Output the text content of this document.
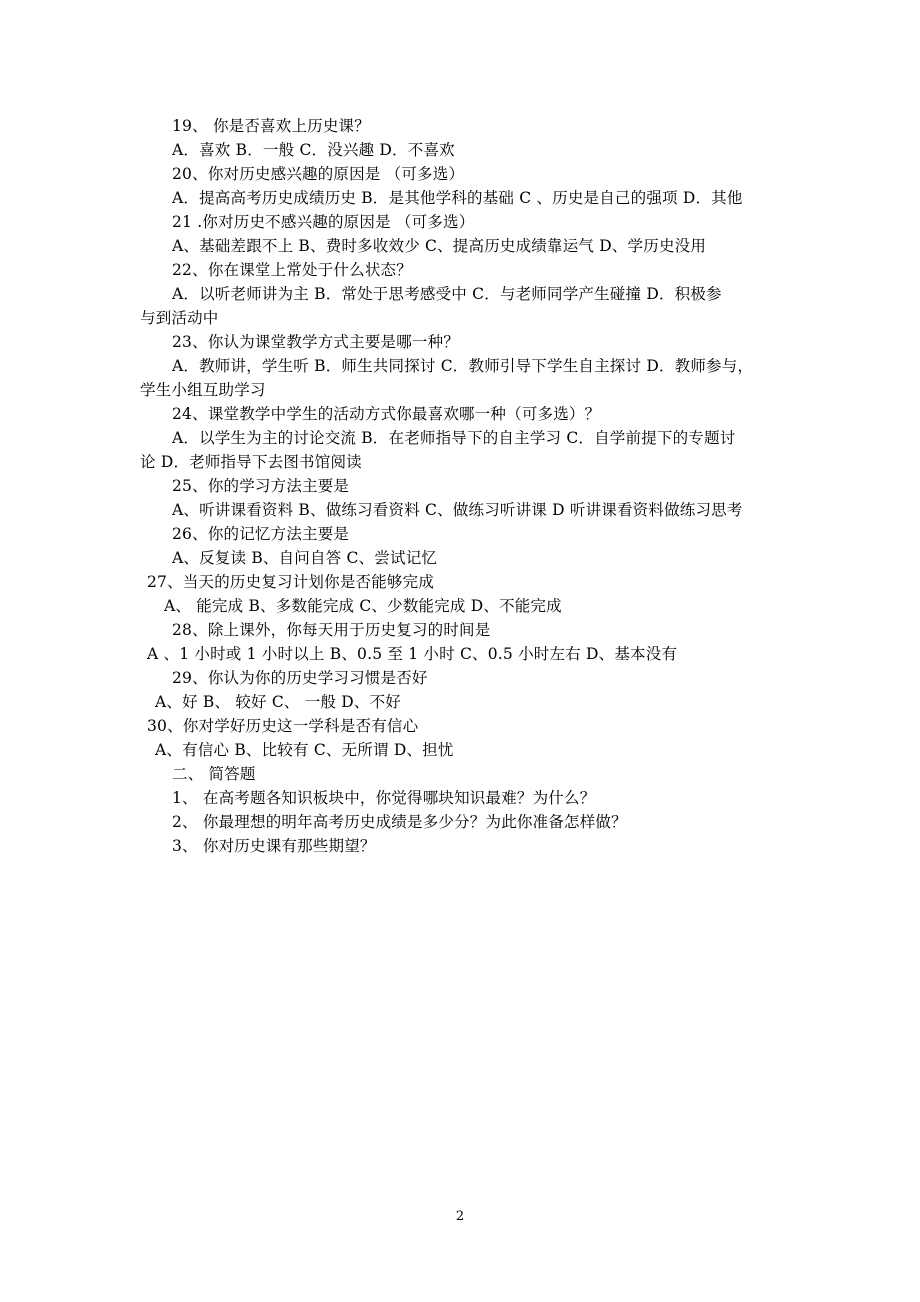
19、 你是否喜欢上历史课？
A．喜欢 B．一般 C．没兴趣 D．不喜欢
20、你对历史感兴趣的原因是 （可多选）
A．提高高考历史成绩历史 B．是其他学科的基础 C 、历史是自己的强项 D．其他
21 .你对历史不感兴趣的原因是 （可多选）
A、基础差跟不上 B、费时多收效少 C、提高历史成绩靠运气 D、学历史没用
22、你在课堂上常处于什么状态？
A．以听老师讲为主 B．常处于思考感受中 C．与老师同学产生碰撞 D．积极参
与到活动中
23、你认为课堂教学方式主要是哪一种？
A．教师讲，学生听 B．师生共同探讨 C．教师引导下学生自主探讨 D．教师参与，
学生小组互助学习
24、课堂教学中学生的活动方式你最喜欢哪一种（可多选）？
A．以学生为主的讨论交流 B．在老师指导下的自主学习 C．自学前提下的专题讨
论 D．老师指导下去图书馆阅读
25、你的学习方法主要是
A、听讲课看资料 B、做练习看资料 C、做练习听讲课 D 听讲课看资料做练习思考
26、你的记忆方法主要是
A、反复读 B、自问自答 C、尝试记忆
27、当天的历史复习计划你是否能够完成
A、 能完成 B、多数能完成 C、少数能完成 D、不能完成
28、除上课外，你每天用于历史复习的时间是
A 、1 小时或 1 小时以上 B、0.5 至 1 小时 C、0.5 小时左右 D、基本没有
29、你认为你的历史学习习惯是否好
A、好 B、 较好 C、 一般 D、不好
30、你对学好历史这一学科是否有信心
A、有信心 B、比较有 C、无所谓 D、担忧
二、 简答题
1、 在高考题各知识板块中，你觉得哪块知识最难？为什么？
2、 你最理想的明年高考历史成绩是多少分？为此你准备怎样做？
3、 你对历史课有那些期望？
2
